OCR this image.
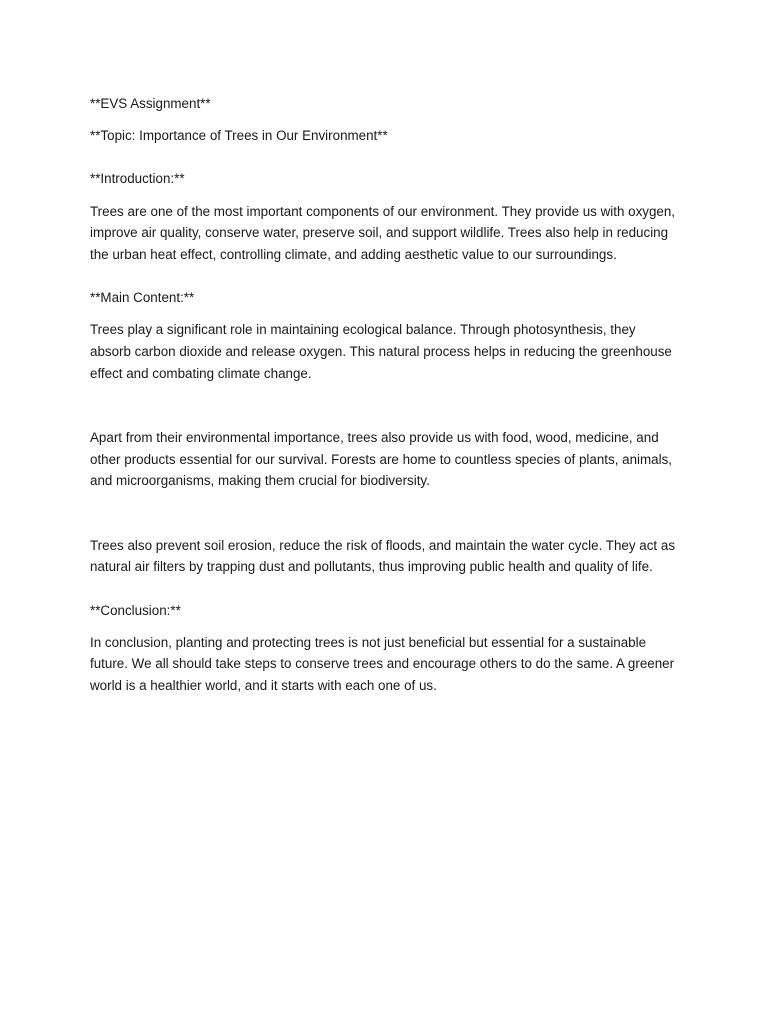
**EVS Assignment**

**Topic: Importance of Trees in Our Environment**

**Introduction:**

Trees are one of the most important components of our environment. They provide us with oxygen, improve air quality, conserve water, preserve soil, and support wildlife. Trees also help in reducing the urban heat effect, controlling climate, and adding aesthetic value to our surroundings.

**Main Content:**

Trees play a significant role in maintaining ecological balance. Through photosynthesis, they absorb carbon dioxide and release oxygen. This natural process helps in reducing the greenhouse effect and combating climate change.

Apart from their environmental importance, trees also provide us with food, wood, medicine, and other products essential for our survival. Forests are home to countless species of plants, animals, and microorganisms, making them crucial for biodiversity.

Trees also prevent soil erosion, reduce the risk of floods, and maintain the water cycle. They act as natural air filters by trapping dust and pollutants, thus improving public health and quality of life.

**Conclusion:**

In conclusion, planting and protecting trees is not just beneficial but essential for a sustainable future. We all should take steps to conserve trees and encourage others to do the same. A greener world is a healthier world, and it starts with each one of us.
